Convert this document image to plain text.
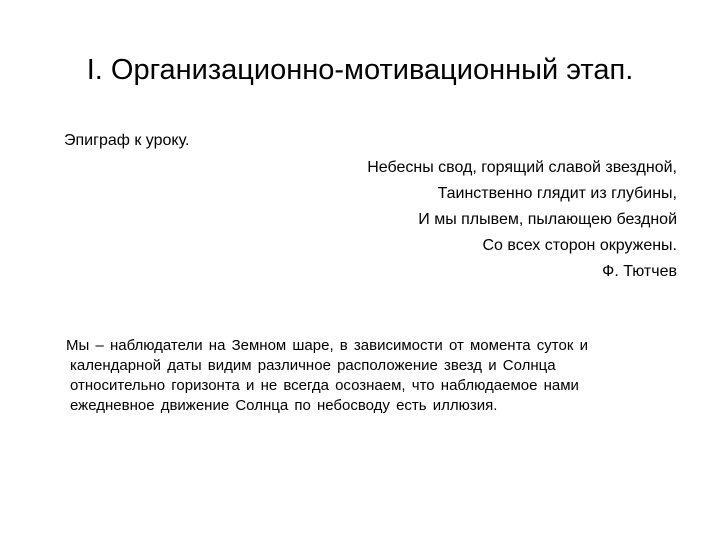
I. Организационно-мотивационный этап.
Эпиграф к уроку.
Небесны свод, горящий славой звездной,
Таинственно глядит из глубины,
И мы плывем, пылающею бездной
Со всех сторон окружены.
Ф. Тютчев
Мы – наблюдатели на Земном шаре, в зависимости от момента суток и
календарной даты видим различное расположение звезд и Солнца
относительно горизонта и не всегда осознаем, что наблюдаемое нами
ежедневное движение Солнца по небосводу есть иллюзия.
